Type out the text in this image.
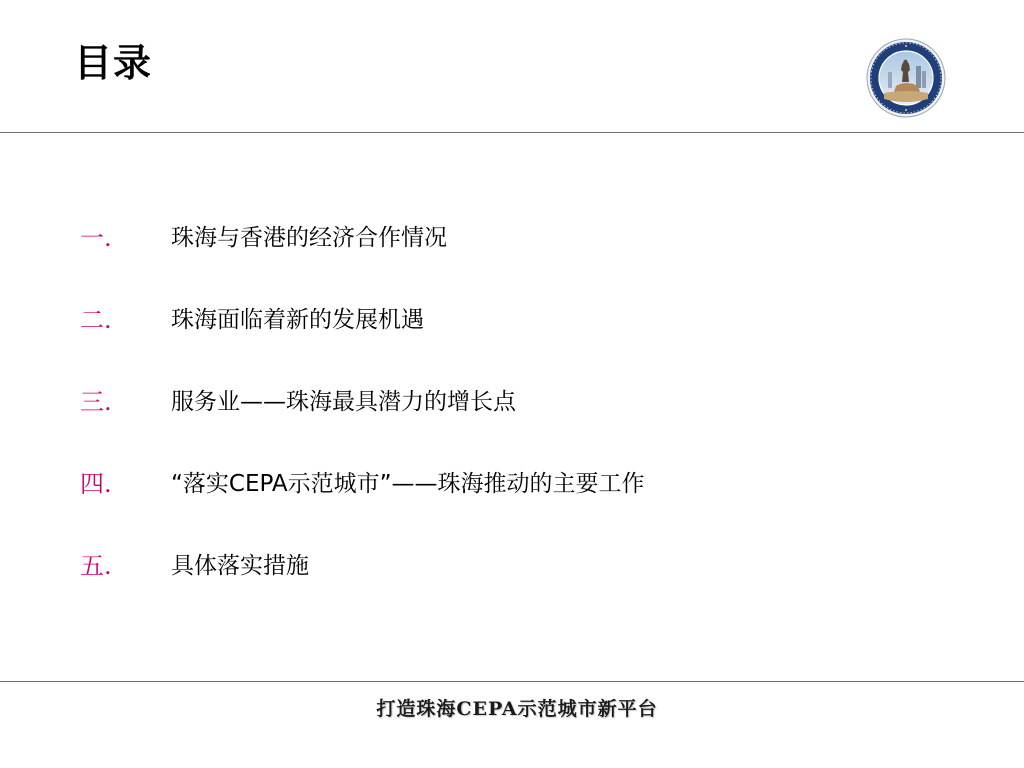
目录
一.	珠海与香港的经济合作情况
二.	珠海面临着新的发展机遇
三.	服务业——珠海最具潜力的增长点
四.	“落实CEPA示范城市”——珠海推动的主要工作
五.	具体落实措施
打造珠海CEPA示范城市新平台
